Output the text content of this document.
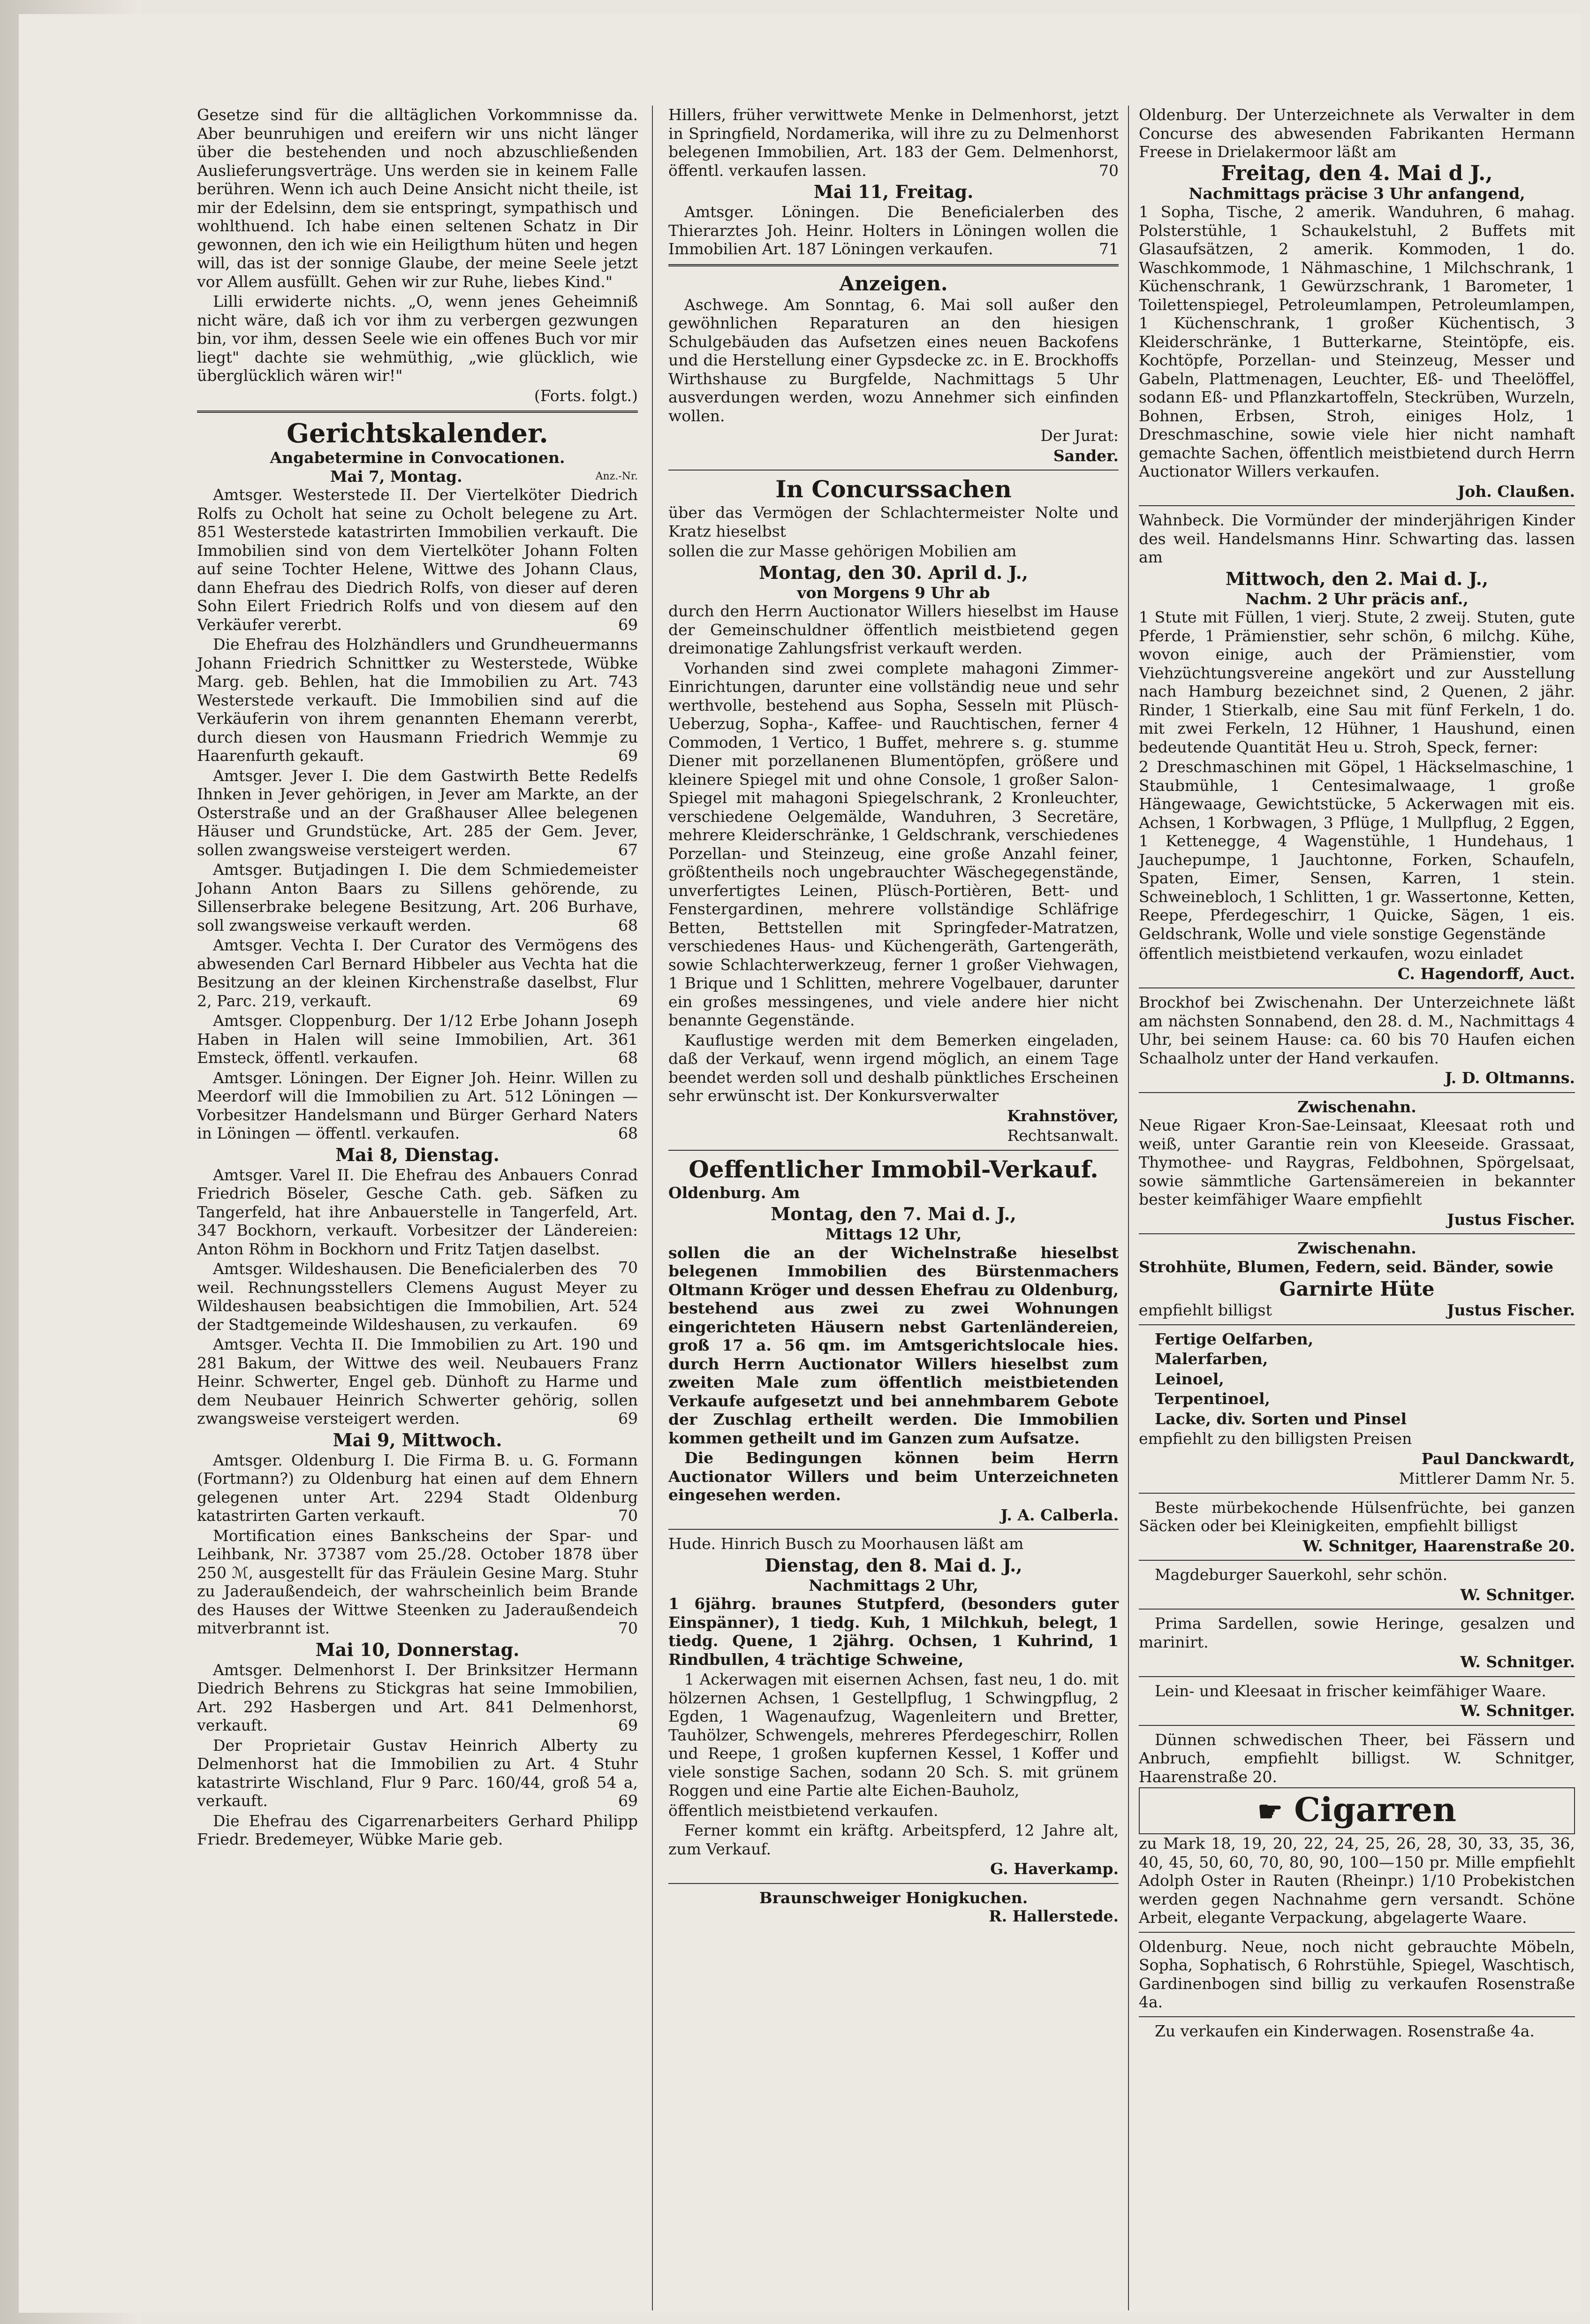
Gesetze sind für die alltäglichen Vorkommnisse da. Aber beunruhigen und ereifern wir uns nicht länger über die bestehenden und noch abzuschließenden Auslieferungsverträge. Uns werden sie in keinem Falle berühren. Wenn ich auch Deine Ansicht nicht theile, ist mir der Edelsinn, dem sie entspringt, sympathisch und wohlthuend. Ich habe einen seltenen Schatz in Dir gewonnen, den ich wie ein Heiligthum hüten und hegen will, das ist der sonnige Glaube, der meine Seele jetzt vor Allem ausfüllt. Gehen wir zur Ruhe, liebes Kind."

Lilli erwiderte nichts. „O, wenn jenes Geheimniß nicht wäre, daß ich vor ihm zu verbergen gezwungen bin, vor ihm, dessen Seele wie ein offenes Buch vor mir liegt" dachte sie wehmüthig, „wie glücklich, wie überglücklich wären wir!"

(Forts. folgt.)

Gerichtskalender.
Angabetermine in Convocationen.
Mai 7, Montag.	Anz.-Nr.

Amtsger. Westerstede II. Der Viertelköter Diedrich Rolfs zu Ocholt hat seine zu Ocholt belegene zu Art. 851 Westerstede katastrirten Immobilien verkauft. Die Immobilien sind von dem Viertelköter Johann Folten auf seine Tochter Helene, Wittwe des Johann Claus, dann Ehefrau des Diedrich Rolfs, von dieser auf deren Sohn Eilert Friedrich Rolfs und von diesem auf den Verkäufer vererbt.	69

Die Ehefrau des Holzhändlers und Grundheuermanns Johann Friedrich Schnittker zu Westerstede, Wübke Marg. geb. Behlen, hat die Immobilien zu Art. 743 Westerstede verkauft. Die Immobilien sind auf die Verkäuferin von ihrem genannten Ehemann vererbt, durch diesen von Hausmann Friedrich Wemmje zu Haarenfurth gekauft.	69

Amtsger. Jever I. Die dem Gastwirth Bette Redelfs Ihnken in Jever gehörigen, in Jever am Markte, an der Osterstraße und an der Graßhauser Allee belegenen Häuser und Grundstücke, Art. 285 der Gem. Jever, sollen zwangsweise versteigert werden.	67

Amtsger. Butjadingen I. Die dem Schmiedemeister Johann Anton Baars zu Sillens gehörende, zu Sillenserbrake belegene Besitzung, Art. 206 Burhave, soll zwangsweise verkauft werden.	68

Amtsger. Vechta I. Der Curator des Vermögens des abwesenden Carl Bernard Hibbeler aus Vechta hat die Besitzung an der kleinen Kirchenstraße daselbst, Flur 2, Parc. 219, verkauft.	69

Amtsger. Cloppenburg. Der 1/12 Erbe Johann Joseph Haben in Halen will seine Immobilien, Art. 361 Emsteck, öffentl. verkaufen.	68

Amtsger. Löningen. Der Eigner Joh. Heinr. Willen zu Meerdorf will die Immobilien zu Art. 512 Löningen — Vorbesitzer Handelsmann und Bürger Gerhard Naters in Löningen — öffentl. verkaufen.	68

Mai 8, Dienstag.

Amtsger. Varel II. Die Ehefrau des Anbauers Conrad Friedrich Böseler, Gesche Cath. geb. Säfken zu Tangerfeld, hat ihre Anbauerstelle in Tangerfeld, Art. 347 Bockhorn, verkauft. Vorbesitzer der Ländereien: Anton Röhm in Bockhorn und Fritz Tatjen daselbst.
70

Amtsger. Wildeshausen. Die Beneficialerben des weil. Rechnungsstellers Clemens August Meyer zu Wildeshausen beabsichtigen die Immobilien, Art. 524 der Stadtgemeinde Wildeshausen, zu verkaufen.	69

Amtsger. Vechta II. Die Immobilien zu Art. 190 und 281 Bakum, der Wittwe des weil. Neubauers Franz Heinr. Schwerter, Engel geb. Dünhoft zu Harme und dem Neubauer Heinrich Schwerter gehörig, sollen zwangsweise versteigert werden.	69

Mai 9, Mittwoch.

Amtsger. Oldenburg I. Die Firma B. u. G. Formann (Fortmann?) zu Oldenburg hat einen auf dem Ehnern gelegenen unter Art. 2294 Stadt Oldenburg katastrirten Garten verkauft.	70

Mortification eines Bankscheins der Spar- und Leihbank, Nr. 37387 vom 25./28. October 1878 über 250 ℳ, ausgestellt für das Fräulein Gesine Marg. Stuhr zu Jaderaußendeich, der wahrscheinlich beim Brande des Hauses der Wittwe Steenken zu Jaderaußendeich mitverbrannt ist.	70

Mai 10, Donnerstag.

Amtsger. Delmenhorst I. Der Brinksitzer Hermann Diedrich Behrens zu Stickgras hat seine Immobilien, Art. 292 Hasbergen und Art. 841 Delmenhorst, verkauft.	69

Der Proprietair Gustav Heinrich Alberty zu Delmenhorst hat die Immobilien zu Art. 4 Stuhr katastrirte Wischland, Flur 9 Parc. 160/44, groß 54 a, verkauft.	69

Die Ehefrau des Cigarrenarbeiters Gerhard Philipp Friedr. Bredemeyer, Wübke Marie geb.

Hillers, früher verwittwete Menke in Delmenhorst, jetzt in Springfield, Nordamerika, will ihre zu zu Delmenhorst belegenen Immobilien, Art. 183 der Gem. Delmenhorst, öffentl. verkaufen lassen.	70

Mai 11, Freitag.

Amtsger. Löningen. Die Beneficialerben des Thierarztes Joh. Heinr. Holters in Löningen wollen die Immobilien Art. 187 Löningen verkaufen.	71

Anzeigen.

Aschwege. Am Sonntag, 6. Mai soll außer den gewöhnlichen Reparaturen an den hiesigen Schulgebäuden das Aufsetzen eines neuen Backofens und die Herstellung einer Gypsdecke zc. in E. Brockhoffs Wirthshause zu Burgfelde, Nachmittags 5 Uhr ausverdungen werden, wozu Annehmer sich einfinden wollen.

Der Jurat:

Sander.

In Concurssachen

über das Vermögen der Schlachtermeister Nolte und Kratz hieselbst

sollen die zur Masse gehörigen Mobilien am

Montag, den 30. April d. J.,
von Morgens 9 Uhr ab

durch den Herrn Auctionator Willers hieselbst im Hause der Gemeinschuldner öffentlich meistbietend gegen dreimonatige Zahlungsfrist verkauft werden.

Vorhanden sind zwei complete mahagoni Zimmer-Einrichtungen, darunter eine vollständig neue und sehr werthvolle, bestehend aus Sopha, Sesseln mit Plüsch-Ueberzug, Sopha-, Kaffee- und Rauchtischen, ferner 4 Commoden, 1 Vertico, 1 Buffet, mehrere s. g. stumme Diener mit porzellanenen Blumentöpfen, größere und kleinere Spiegel mit und ohne Console, 1 großer Salon-Spiegel mit mahagoni Spiegelschrank, 2 Kronleuchter, verschiedene Oelgemälde, Wanduhren, 3 Secretäre, mehrere Kleiderschränke, 1 Geldschrank, verschiedenes Porzellan- und Steinzeug, eine große Anzahl feiner, größtentheils noch ungebrauchter Wäschegegenstände, unverfertigtes Leinen, Plüsch-Portièren, Bett- und Fenstergardinen, mehrere vollständige Schläfrige Betten, Bettstellen mit Springfeder-Matratzen, verschiedenes Haus- und Küchengeräth, Gartengeräth, sowie Schlachterwerkzeug, ferner 1 großer Viehwagen, 1 Brique und 1 Schlitten, mehrere Vogelbauer, darunter ein großes messingenes, und viele andere hier nicht benannte Gegenstände.

Kauflustige werden mit dem Bemerken eingeladen, daß der Verkauf, wenn irgend möglich, an einem Tage beendet werden soll und deshalb pünktliches Erscheinen sehr erwünscht ist. Der Konkursverwalter

Krahnstöver,

Rechtsanwalt.

Oeffentlicher Immobil-Verkauf.

Oldenburg. Am

Montag, den 7. Mai d. J.,
Mittags 12 Uhr,

sollen die an der Wichelnstraße hieselbst belegenen Immobilien des Bürstenmachers Oltmann Kröger und dessen Ehefrau zu Oldenburg, bestehend aus zwei zu zwei Wohnungen eingerichteten Häusern nebst Gartenländereien, groß 17 a. 56 qm. im Amtsgerichtslocale hies. durch Herrn Auctionator Willers hieselbst zum zweiten Male zum öffentlich meistbietenden Verkaufe aufgesetzt und bei annehmbarem Gebote der Zuschlag ertheilt werden. Die Immobilien kommen getheilt und im Ganzen zum Aufsatze.

Die Bedingungen können beim Herrn Auctionator Willers und beim Unterzeichneten eingesehen werden.

J. A. Calberla.

Hude. Hinrich Busch zu Moorhausen läßt am

Dienstag, den 8. Mai d. J.,
Nachmittags 2 Uhr,

1 6jährg. braunes Stutpferd, (besonders guter Einspänner), 1 tiedg. Kuh, 1 Milchkuh, belegt, 1 tiedg. Quene, 1 2jährg. Ochsen, 1 Kuhrind, 1 Rindbullen, 4 trächtige Schweine,

1 Ackerwagen mit eisernen Achsen, fast neu, 1 do. mit hölzernen Achsen, 1 Gestellpflug, 1 Schwingpflug, 2 Egden, 1 Wagenaufzug, Wagenleitern und Bretter, Tauhölzer, Schwengels, mehreres Pferdegeschirr, Rollen und Reepe, 1 großen kupfernen Kessel, 1 Koffer und viele sonstige Sachen, sodann 20 Sch. S. mit grünem Roggen und eine Partie alte Eichen-Bauholz,

öffentlich meistbietend verkaufen.

Ferner kommt ein kräftg. Arbeitspferd, 12 Jahre alt, zum Verkauf.

G. Haverkamp.

Braunschweiger Honigkuchen.

R. Hallerstede.

Oldenburg. Der Unterzeichnete als Verwalter in dem Concurse des abwesenden Fabrikanten Hermann Freese in Drielakermoor läßt am

Freitag, den 4. Mai d J.,
Nachmittags präcise 3 Uhr anfangend,

1 Sopha, Tische, 2 amerik. Wanduhren, 6 mahag. Polsterstühle, 1 Schaukelstuhl, 2 Buffets mit Glasaufsätzen, 2 amerik. Kommoden, 1 do. Waschkommode, 1 Nähmaschine, 1 Milchschrank, 1 Küchenschrank, 1 Gewürzschrank, 1 Barometer, 1 Toilettenspiegel, Petroleumlampen, Petroleumlampen, 1 Küchenschrank, 1 großer Küchentisch, 3 Kleiderschränke, 1 Butterkarne, Steintöpfe, eis. Kochtöpfe, Porzellan- und Steinzeug, Messer und Gabeln, Plattmenagen, Leuchter, Eß- und Theelöffel, sodann Eß- und Pflanzkartoffeln, Steckrüben, Wurzeln, Bohnen, Erbsen, Stroh, einiges Holz, 1 Dreschmaschine, sowie viele hier nicht namhaft gemachte Sachen, öffentlich meistbietend durch Herrn Auctionator Willers verkaufen.

Joh. Claußen.

Wahnbeck. Die Vormünder der minderjährigen Kinder des weil. Handelsmanns Hinr. Schwarting das. lassen am

Mittwoch, den 2. Mai d. J.,
Nachm. 2 Uhr präcis anf.,

1 Stute mit Füllen, 1 vierj. Stute, 2 zweij. Stuten, gute Pferde, 1 Prämienstier, sehr schön, 6 milchg. Kühe, wovon einige, auch der Prämienstier, vom Viehzüchtungsvereine angekört und zur Ausstellung nach Hamburg bezeichnet sind, 2 Quenen, 2 jähr. Rinder, 1 Stierkalb, eine Sau mit fünf Ferkeln, 1 do. mit zwei Ferkeln, 12 Hühner, 1 Haushund, einen bedeutende Quantität Heu u. Stroh, Speck, ferner:

2 Dreschmaschinen mit Göpel, 1 Häckselmaschine, 1 Staubmühle, 1 Centesimalwaage, 1 große Hängewaage, Gewichtstücke, 5 Ackerwagen mit eis. Achsen, 1 Korbwagen, 3 Pflüge, 1 Mullpflug, 2 Eggen, 1 Kettenegge, 4 Wagenstühle, 1 Hundehaus, 1 Jauchepumpe, 1 Jauchtonne, Forken, Schaufeln, Spaten, Eimer, Sensen, Karren, 1 stein. Schweinebloch, 1 Schlitten, 1 gr. Wassertonne, Ketten, Reepe, Pferdegeschirr, 1 Quicke, Sägen, 1 eis. Geldschrank, Wolle und viele sonstige Gegenstände

öffentlich meistbietend verkaufen, wozu einladet

C. Hagendorff, Auct.

Brockhof bei Zwischenahn. Der Unterzeichnete läßt am nächsten Sonnabend, den 28. d. M., Nachmittags 4 Uhr, bei seinem Hause: ca. 60 bis 70 Haufen eichen Schaalholz unter der Hand verkaufen.

J. D. Oltmanns.

Zwischenahn.

Neue Rigaer Kron-Sae-Leinsaat, Kleesaat roth und weiß, unter Garantie rein von Kleeseide. Grassaat, Thymothee- und Raygras, Feldbohnen, Spörgelsaat, sowie sämmtliche Gartensämereien in bekannter bester keimfähiger Waare empfiehlt

Justus Fischer.

Zwischenahn.

Strohhüte, Blumen, Federn, seid. Bänder, sowie

Garnirte Hüte

empfiehlt billigst	Justus Fischer.

Fertige Oelfarben,

Malerfarben,

Leinoel,

Terpentinoel,

Lacke, div. Sorten und Pinsel

empfiehlt zu den billigsten Preisen

Paul Danckwardt,

Mittlerer Damm Nr. 5.

Beste mürbekochende Hülsenfrüchte, bei ganzen Säcken oder bei Kleinigkeiten, empfiehlt billigst

W. Schnitger, Haarenstraße 20.

Magdeburger Sauerkohl, sehr schön.

W. Schnitger.

Prima Sardellen, sowie Heringe, gesalzen und marinirt.

W. Schnitger.

Lein- und Kleesaat in frischer keimfähiger Waare.

W. Schnitger.

Dünnen schwedischen Theer, bei Fässern und Anbruch, empfiehlt billigst. W. Schnitger, Haarenstraße 20.

☛ Cigarren

zu Mark 18, 19, 20, 22, 24, 25, 26, 28, 30, 33, 35, 36, 40, 45, 50, 60, 70, 80, 90, 100—150 pr. Mille empfiehlt Adolph Oster in Rauten (Rheinpr.) 1/10 Probekistchen werden gegen Nachnahme gern versandt. Schöne Arbeit, elegante Verpackung, abgelagerte Waare.

Oldenburg. Neue, noch nicht gebrauchte Möbeln, Sopha, Sophatisch, 6 Rohrstühle, Spiegel, Waschtisch, Gardinenbogen sind billig zu verkaufen Rosenstraße 4a.

Zu verkaufen ein Kinderwagen. Rosenstraße 4a.
